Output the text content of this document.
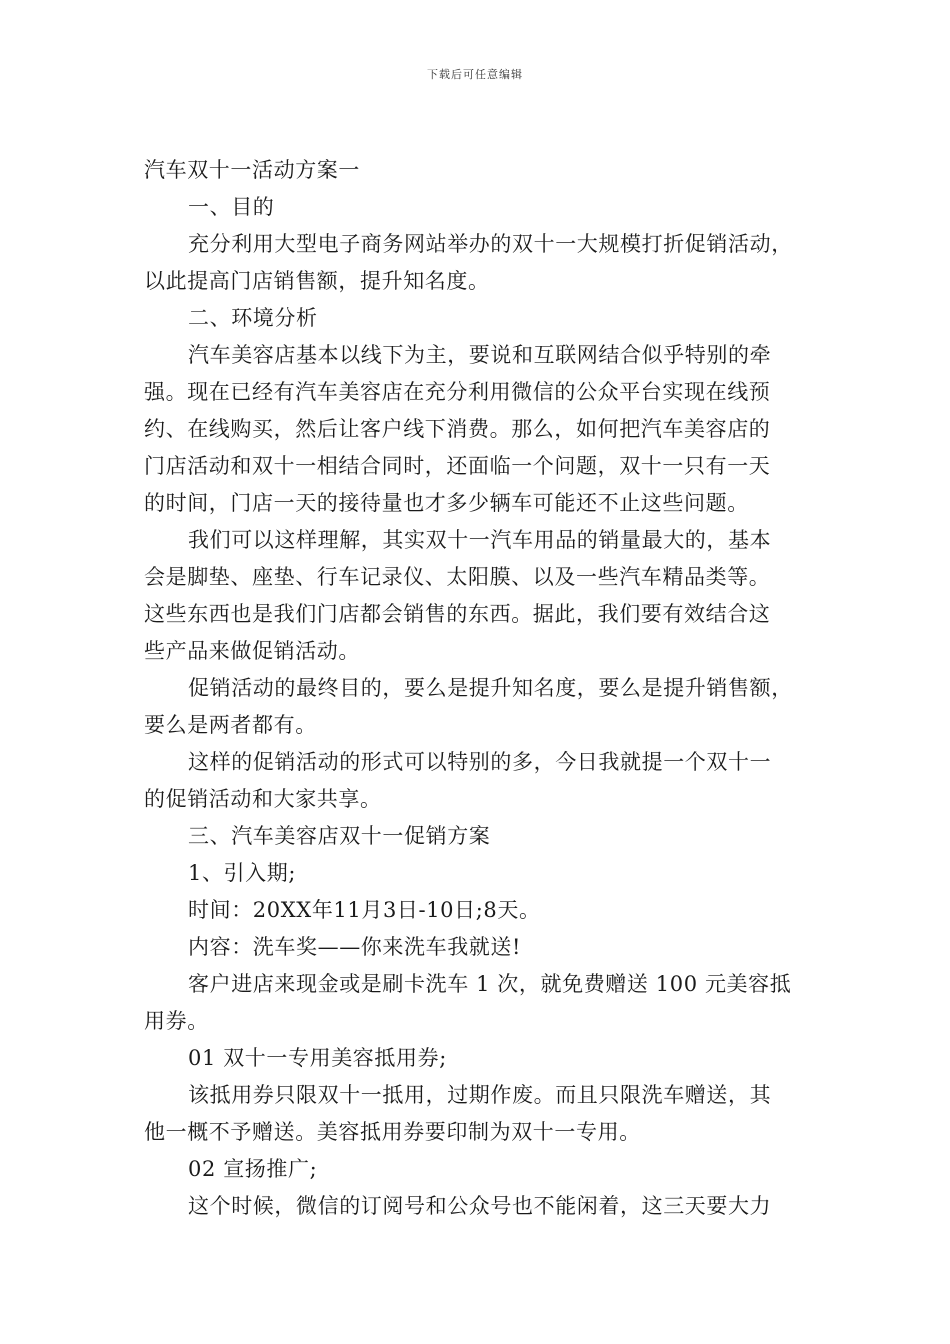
下载后可任意编辑
汽车双十一活动方案一
一、目的
充分利用大型电子商务网站举办的双十一大规模打折促销活动，
以此提高门店销售额，提升知名度。
二、环境分析
汽车美容店基本以线下为主，要说和互联网结合似乎特别的牵
强。现在已经有汽车美容店在充分利用微信的公众平台实现在线预
约、在线购买，然后让客户线下消费。那么，如何把汽车美容店的
门店活动和双十一相结合同时，还面临一个问题，双十一只有一天
的时间，门店一天的接待量也才多少辆车可能还不止这些问题。
我们可以这样理解，其实双十一汽车用品的销量最大的，基本
会是脚垫、座垫、行车记录仪、太阳膜、以及一些汽车精品类等。
这些东西也是我们门店都会销售的东西。据此，我们要有效结合这
些产品来做促销活动。
促销活动的最终目的，要么是提升知名度，要么是提升销售额，
要么是两者都有。
这样的促销活动的形式可以特别的多，今日我就提一个双十一
的促销活动和大家共享。
三、汽车美容店双十一促销方案
1、引入期;
时间：20XX年11月3日-10日;8天。
内容：洗车奖——你来洗车我就送!
客户进店来现金或是刷卡洗车 1 次，就免费赠送 100 元美容抵
用券。
01 双十一专用美容抵用券;
该抵用券只限双十一抵用，过期作废。而且只限洗车赠送，其
他一概不予赠送。美容抵用券要印制为双十一专用。
02 宣扬推广;
这个时候，微信的订阅号和公众号也不能闲着，这三天要大力
